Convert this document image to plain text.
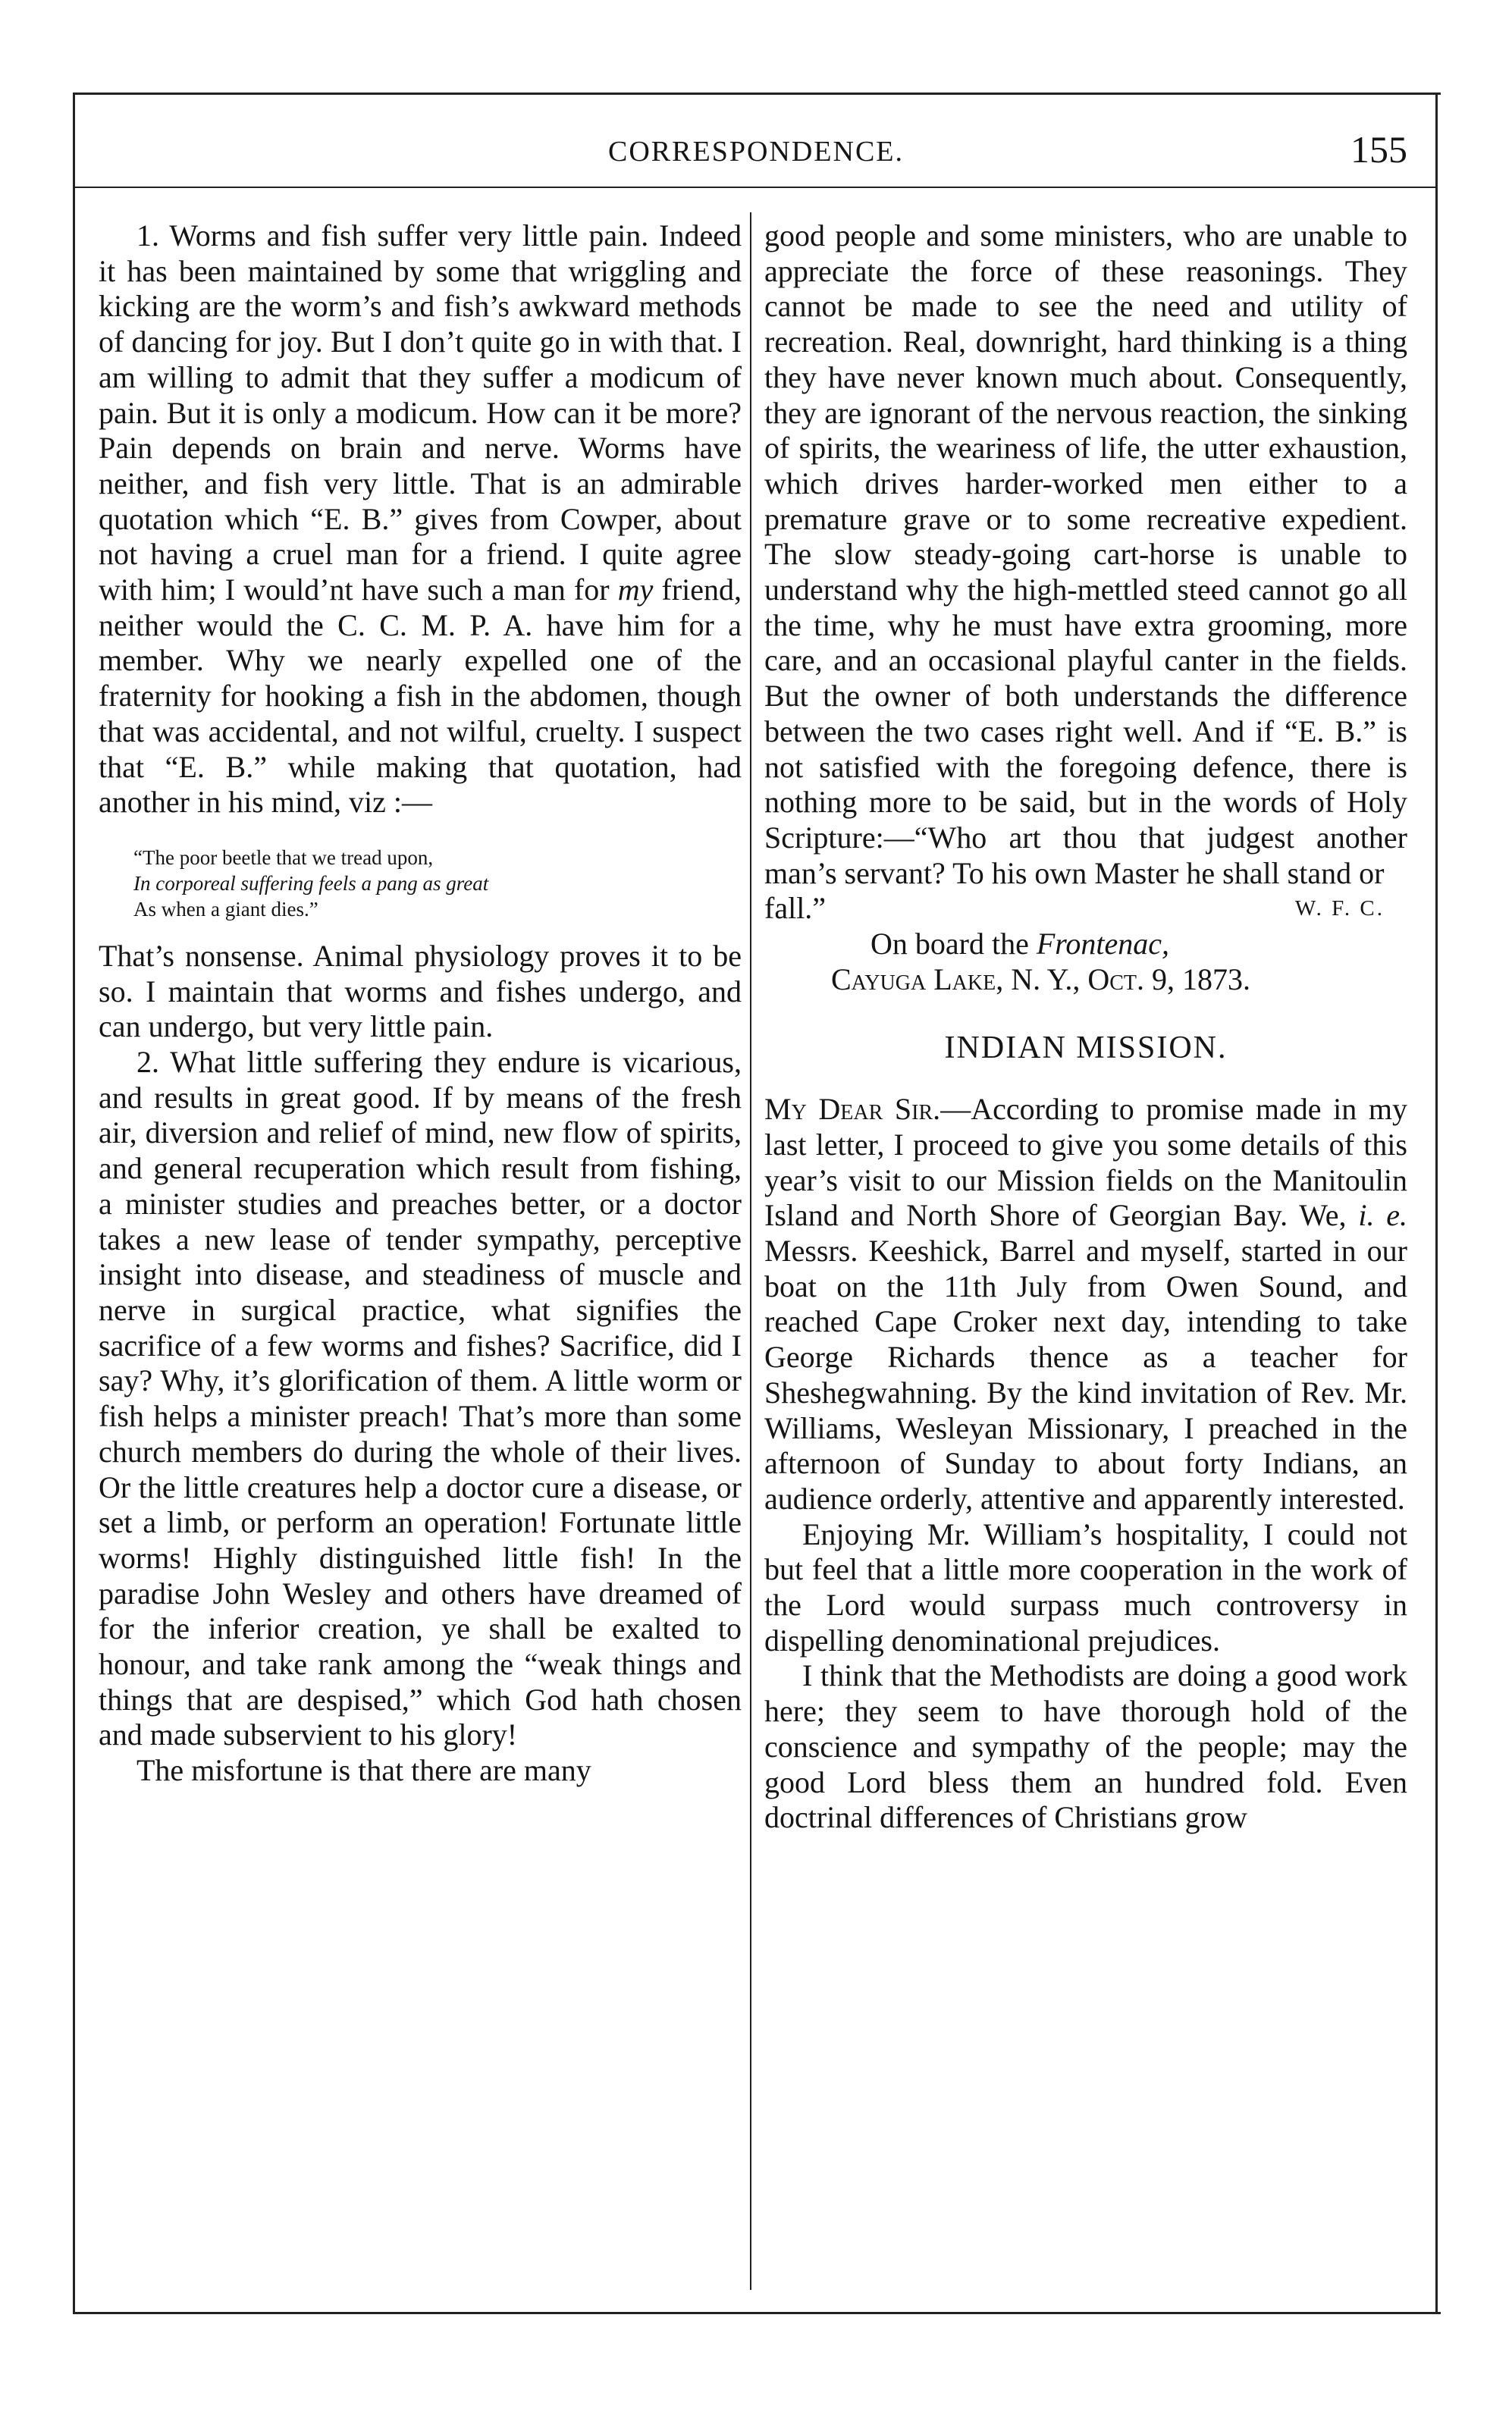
CORRESPONDENCE.	155

1. Worms and fish suffer very little pain. Indeed it has been maintained by some that wriggling and kicking are the worm’s and fish’s awkward methods of dancing for joy. But I don’t quite go in with that. I am willing to admit that they suffer a modicum of pain. But it is only a modicum. How can it be more? Pain depends on brain and nerve. Worms have neither, and fish very little. That is an admirable quotation which “E. B.” gives from Cowper, about not having a cruel man for a friend. I quite agree with him; I would’nt have such a man for my friend, neither would the C. C. M. P. A. have him for a member. Why we nearly expelled one of the fraternity for hooking a fish in the abdomen, though that was accidental, and not wilful, cruelty. I suspect that “E. B.” while making that quotation, had another in his mind, viz :—

“The poor beetle that we tread upon,
In corporeal suffering feels a pang as great
As when a giant dies.”

That’s nonsense. Animal physiology proves it to be so. I maintain that worms and fishes undergo, and can undergo, but very little pain.

2. What little suffering they endure is vicarious, and results in great good. If by means of the fresh air, diversion and relief of mind, new flow of spirits, and general recuperation which result from fishing, a minister studies and preaches better, or a doctor takes a new lease of tender sympathy, perceptive insight into disease, and steadiness of muscle and nerve in surgical practice, what signifies the sacrifice of a few worms and fishes? Sacrifice, did I say? Why, it’s glorification of them. A little worm or fish helps a minister preach! That’s more than some church members do during the whole of their lives. Or the little creatures help a doctor cure a disease, or set a limb, or perform an operation! Fortunate little worms! Highly distinguished little fish! In the paradise John Wesley and others have dreamed of for the inferior creation, ye shall be exalted to honour, and take rank among the “weak things and things that are despised,” which God hath chosen and made subservient to his glory!

The misfortune is that there are many

good people and some ministers, who are unable to appreciate the force of these reasonings. They cannot be made to see the need and utility of recreation. Real, downright, hard thinking is a thing they have never known much about. Consequently, they are ignorant of the nervous reaction, the sinking of spirits, the weariness of life, the utter exhaustion, which drives harder-worked men either to a premature grave or to some recreative expedient. The slow steady-going cart-horse is unable to understand why the high-mettled steed cannot go all the time, why he must have extra grooming, more care, and an occasional playful canter in the fields. But the owner of both understands the difference between the two cases right well. And if “E. B.” is not satisfied with the foregoing defence, there is nothing more to be said, but in the words of Holy Scripture:—“Who art thou that judgest another man’s servant? To his own Master he shall stand or

fall.”	W. F. C.

On board the Frontenac,

Cayuga Lake, N. Y., Oct. 9, 1873.

INDIAN MISSION.

My Dear Sir.—According to promise made in my last letter, I proceed to give you some details of this year’s visit to our Mission fields on the Manitoulin Island and North Shore of Georgian Bay. We, i. e. Messrs. Keeshick, Barrel and myself, started in our boat on the 11th July from Owen Sound, and reached Cape Croker next day, intending to take George Richards thence as a teacher for Sheshegwahning. By the kind invitation of Rev. Mr. Williams, Wesleyan Missionary, I preached in the afternoon of Sunday to about forty Indians, an audience orderly, attentive and apparently interested.

Enjoying Mr. William’s hospitality, I could not but feel that a little more cooperation in the work of the Lord would surpass much controversy in dispelling denominational prejudices.

I think that the Methodists are doing a good work here; they seem to have thorough hold of the conscience and sympathy of the people; may the good Lord bless them an hundred fold. Even doctrinal differences of Christians grow
